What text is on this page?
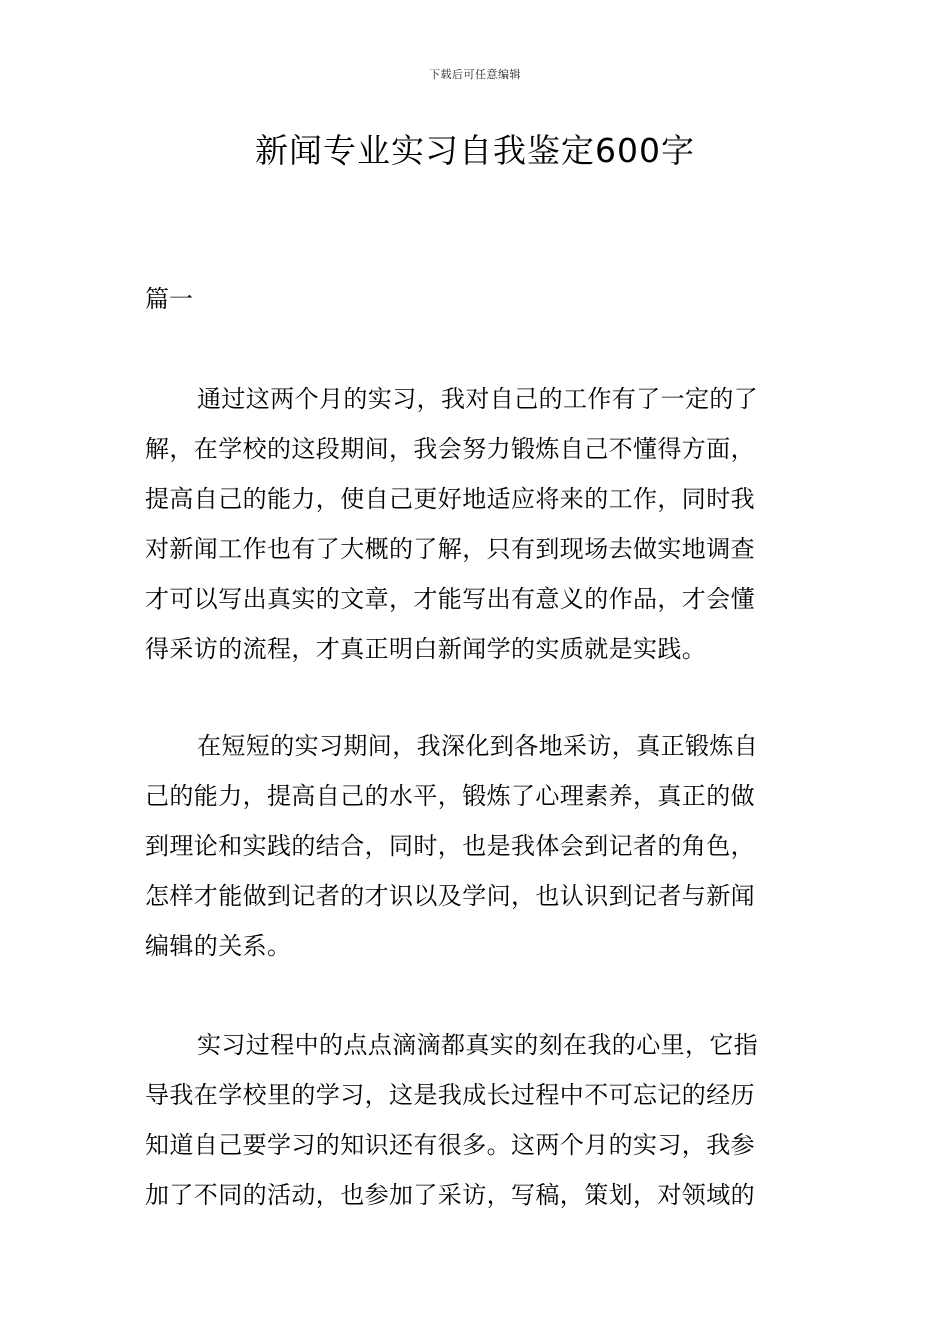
下载后可任意编辑
新闻专业实习自我鉴定600字
篇一
通过这两个月的实习，我对自己的工作有了一定的了
解，在学校的这段期间，我会努力锻炼自己不懂得方面，
提高自己的能力，使自己更好地适应将来的工作，同时我
对新闻工作也有了大概的了解，只有到现场去做实地调查
才可以写出真实的文章，才能写出有意义的作品，才会懂
得采访的流程，才真正明白新闻学的实质就是实践。
在短短的实习期间，我深化到各地采访，真正锻炼自
己的能力，提高自己的水平，锻炼了心理素养，真正的做
到理论和实践的结合，同时，也是我体会到记者的角色，
怎样才能做到记者的才识以及学问，也认识到记者与新闻
编辑的关系。
实习过程中的点点滴滴都真实的刻在我的心里，它指
导我在学校里的学习，这是我成长过程中不可忘记的经历
知道自己要学习的知识还有很多。这两个月的实习，我参
加了不同的活动，也参加了采访，写稿，策划，对领域的
